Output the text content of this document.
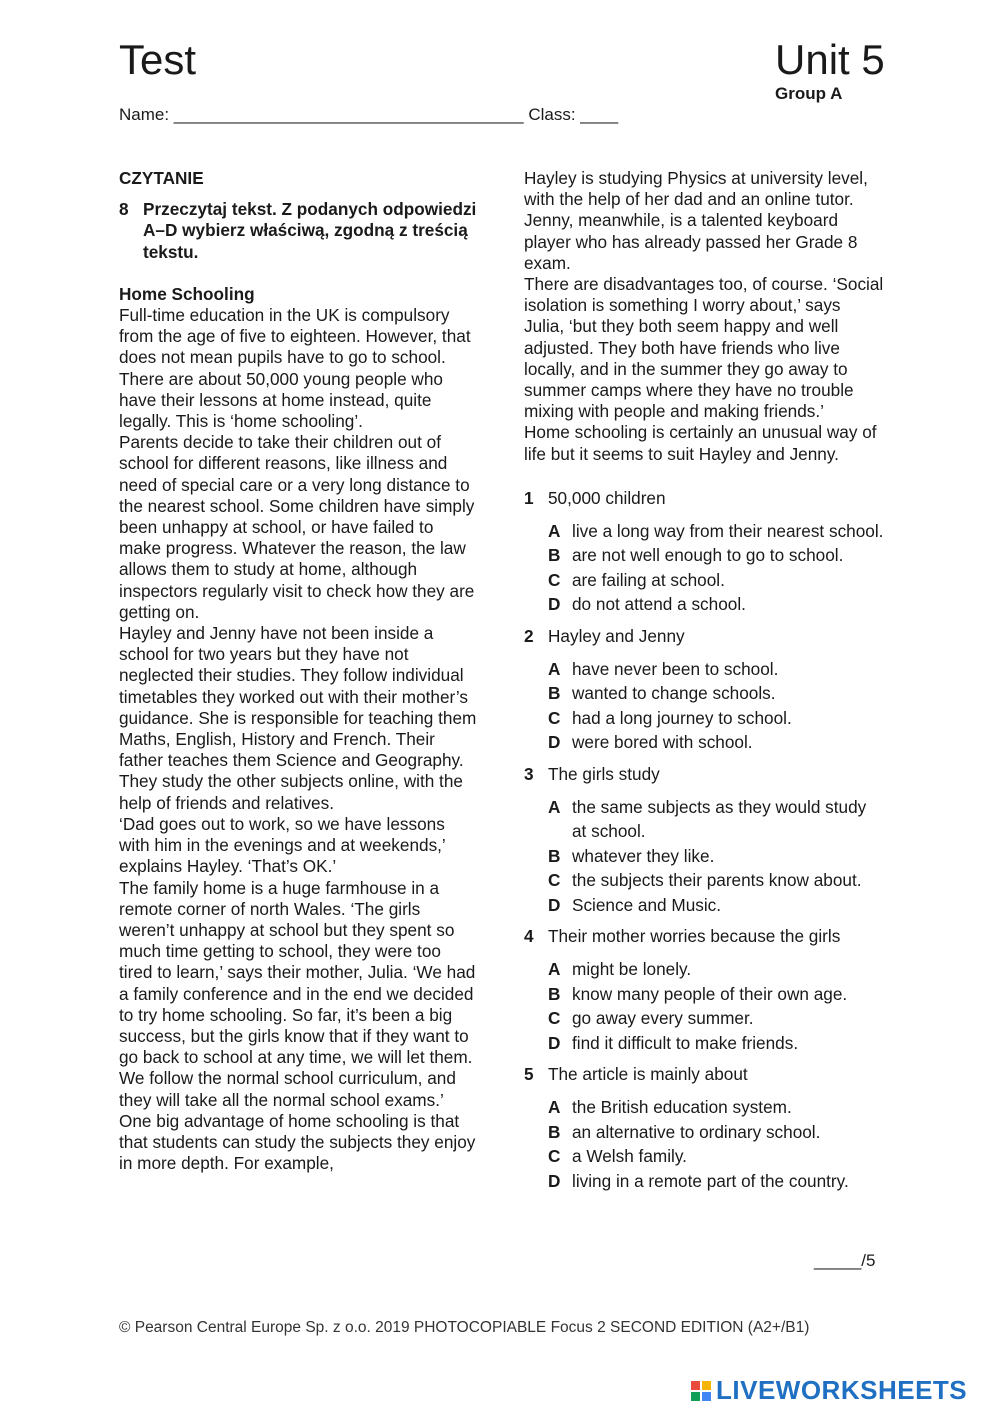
Test	Unit 5
Group A
Name: _____________________________________ Class: ____
CZYTANIE
8 Przeczytaj tekst. Z podanych odpowiedzi A–D wybierz właściwą, zgodną z treścią tekstu.
Home Schooling

Full-time education in the UK is compulsory from the age of five to eighteen. However, that does not mean pupils have to go to school. There are about 50,000 young people who have their lessons at home instead, quite legally. This is ‘home schooling’.

Parents decide to take their children out of school for different reasons, like illness and need of special care or a very long distance to the nearest school. Some children have simply been unhappy at school, or have failed to make progress. Whatever the reason, the law allows them to study at home, although inspectors regularly visit to check how they are getting on.

Hayley and Jenny have not been inside a school for two years but they have not neglected their studies. They follow individual timetables they worked out with their mother’s guidance. She is responsible for teaching them Maths, English, History and French. Their father teaches them Science and Geography. They study the other subjects online, with the help of friends and relatives.

‘Dad goes out to work, so we have lessons with him in the evenings and at weekends,’ explains Hayley. ‘That’s OK.’

The family home is a huge farmhouse in a remote corner of north Wales. ‘The girls weren’t unhappy at school but they spent so much time getting to school, they were too tired to learn,’ says their mother, Julia. ‘We had a family conference and in the end we decided to try home schooling. So far, it’s been a big success, but the girls know that if they want to go back to school at any time, we will let them. We follow the normal school curriculum, and they will take all the normal school exams.’

One big advantage of home schooling is that that students can study the subjects they enjoy in more depth. For example,

Hayley is studying Physics at university level, with the help of her dad and an online tutor. Jenny, meanwhile, is a talented keyboard player who has already passed her Grade 8 exam.

There are disadvantages too, of course. ‘Social isolation is something I worry about,’ says Julia, ‘but they both seem happy and well adjusted. They both have friends who live locally, and in the summer they go away to summer camps where they have no trouble mixing with people and making friends.’

Home schooling is certainly an unusual way of life but it seems to suit Hayley and Jenny.

1 50,000 children
A live a long way from their nearest school.
B are not well enough to go to school.
C are failing at school.
D do not attend a school.
2 Hayley and Jenny
A have never been to school.
B wanted to change schools.
C had a long journey to school.
D were bored with school.
3 The girls study
A the same subjects as they would study at school.
B whatever they like.
C the subjects their parents know about.
D Science and Music.
4 Their mother worries because the girls
A might be lonely.
B know many people of their own age.
C go away every summer.
D find it difficult to make friends.
5 The article is mainly about
A the British education system.
B an alternative to ordinary school.
C a Welsh family.
D living in a remote part of the country.
_____/5
© Pearson Central Europe Sp. z o.o. 2019 PHOTOCOPIABLE Focus 2 SECOND EDITION (A2+/B1)
LIVEWORKSHEETS
